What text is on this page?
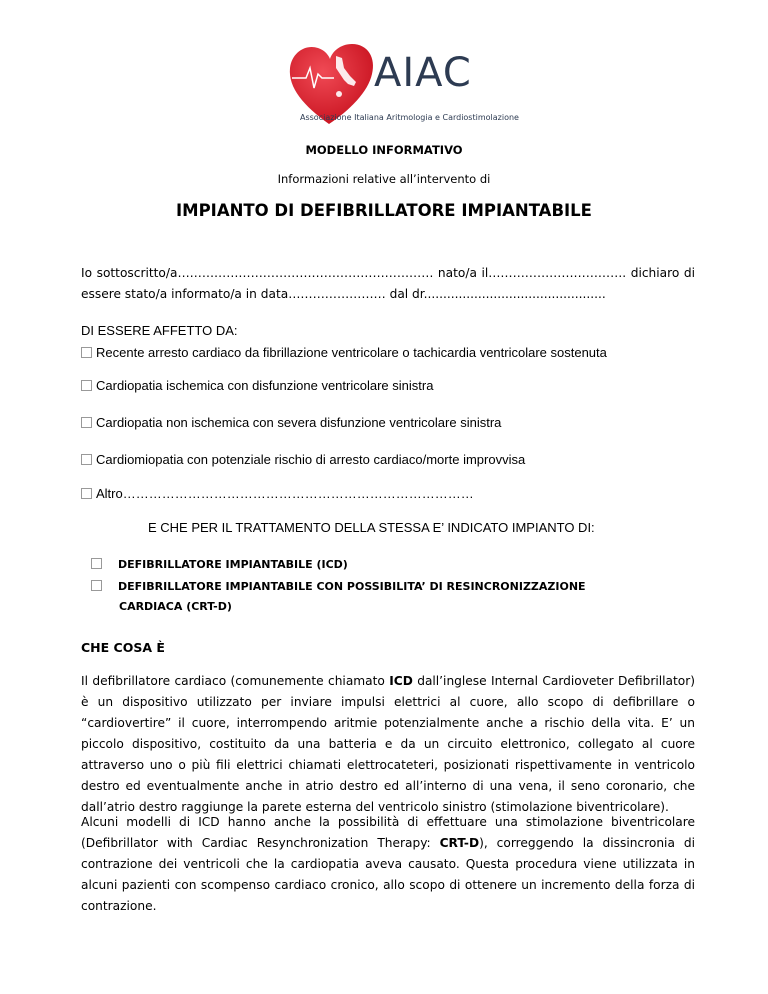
AIAC
Associazione Italiana Aritmologia e Cardiostimolazione
MODELLO INFORMATIVO
Informazioni relative all’intervento di
IMPIANTO DI DEFIBRILLATORE IMPIANTABILE
Io sottoscritto/a……………………………………………………… nato/a il……………………………. dichiaro di
essere stato/a informato/a in data…………………… dal dr...............................................
DI ESSERE AFFETTO DA:
Recente arresto cardiaco da fibrillazione ventricolare o tachicardia ventricolare sostenuta
Cardiopatia ischemica con disfunzione ventricolare sinistra
Cardiopatia non ischemica con severa disfunzione ventricolare sinistra
Cardiomiopatia con potenziale rischio di arresto cardiaco/morte improvvisa
Altro………………………………………………………………………
E CHE PER IL TRATTAMENTO DELLA STESSA E’ INDICATO IMPIANTO DI:
DEFIBRILLATORE IMPIANTABILE (ICD)
DEFIBRILLATORE IMPIANTABILE CON POSSIBILITA’ DI RESINCRONIZZAZIONE
CARDIACA (CRT-D)
CHE COSA È
Il defibrillatore cardiaco (comunemente chiamato ICD dall’inglese Internal Cardioveter Defibrillator) è un dispositivo utilizzato per inviare impulsi elettrici al cuore, allo scopo di defibrillare o “cardiovertire” il cuore, interrompendo aritmie potenzialmente anche a rischio della vita. E’ un piccolo dispositivo, costituito da una batteria e da un circuito elettronico, collegato al cuore attraverso uno o più fili elettrici chiamati elettrocateteri, posizionati rispettivamente in ventricolo destro ed eventualmente anche in atrio destro ed all’interno di una vena, il seno coronario, che dall’atrio destro raggiunge la parete esterna del ventricolo sinistro (stimolazione biventricolare).
Alcuni modelli di ICD hanno anche la possibilità di effettuare una stimolazione biventricolare (Defibrillator with Cardiac Resynchronization Therapy: CRT-D), correggendo la dissincronia di contrazione dei ventricoli che la cardiopatia aveva causato. Questa procedura viene utilizzata in alcuni pazienti con scompenso cardiaco cronico, allo scopo di ottenere un incremento della forza di contrazione.
